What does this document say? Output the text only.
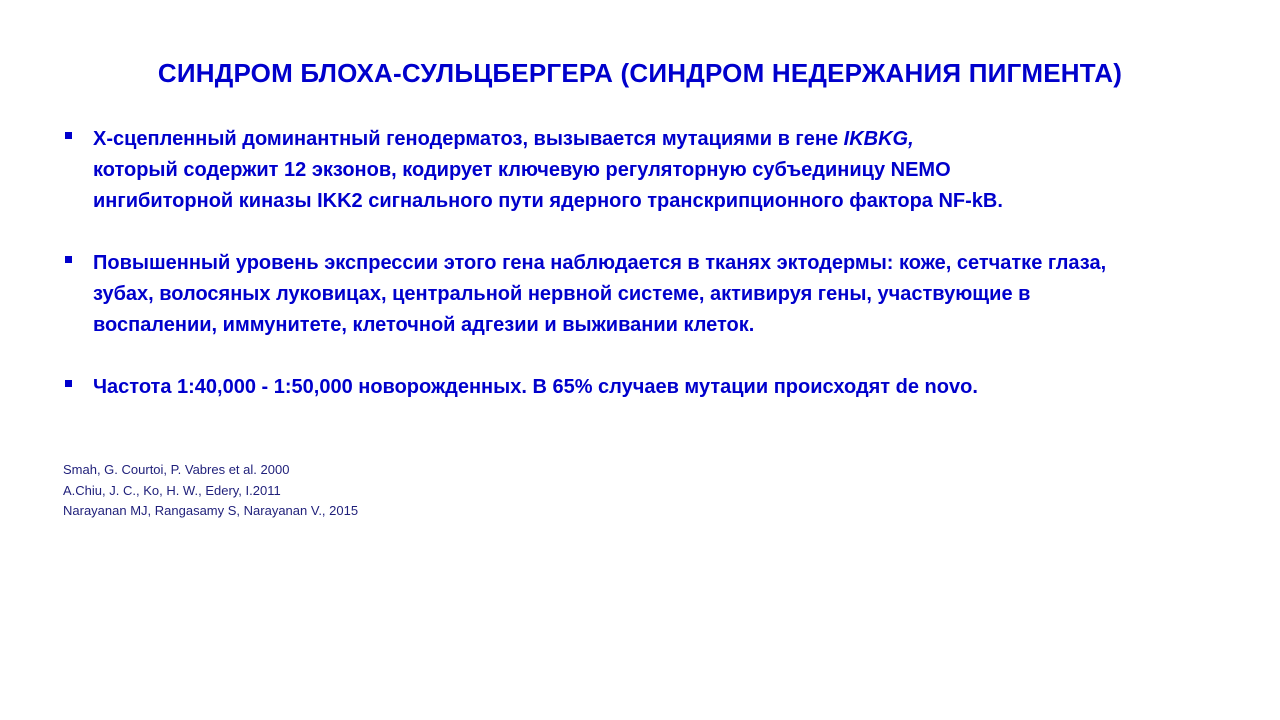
СИНДРОМ БЛОХА-СУЛЬЦБЕРГЕРА (СИНДРОМ НЕДЕРЖАНИЯ ПИГМЕНТА)
Х-сцепленный доминантный генодерматоз, вызывается мутациями в гене IKBKG,
который содержит 12 экзонов, кодирует ключевую регуляторную субъединицу NEMO
ингибиторной киназы IKK2 сигнального пути ядерного транскрипционного фактора NF-kB.
Повышенный уровень экспрессии этого гена наблюдается в тканях эктодермы: коже, сетчатке глаза,
зубах, волосяных луковицах, центральной нервной системе, активируя гены, участвующие в
воспалении, иммунитете, клеточной адгезии и выживании клеток.
Частота 1:40,000 - 1:50,000 новорожденных. В 65% случаев мутации происходят de novo.
Smah, G. Courtoi, P. Vabres et al. 2000
A.Chiu, J. C., Ko, H. W., Edery, I.2011
Narayanan MJ, Rangasamy S, Narayanan V., 2015
